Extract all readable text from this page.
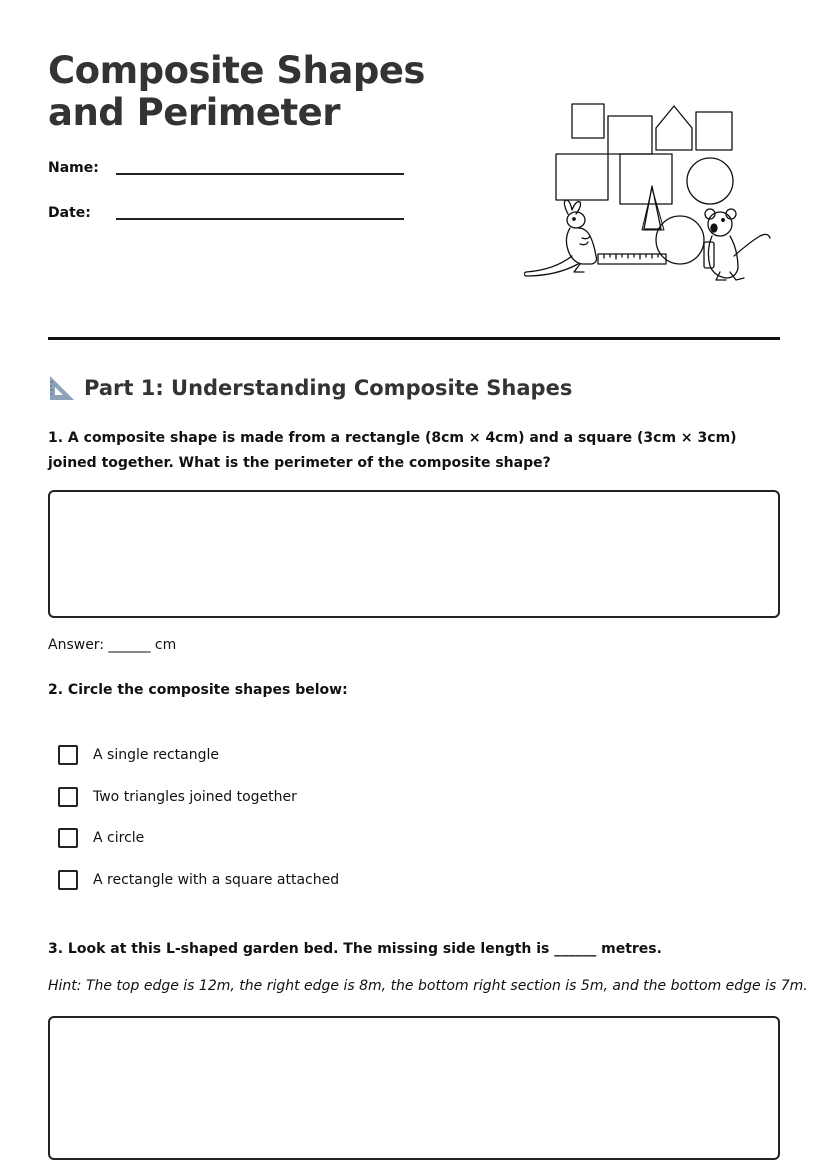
Composite Shapes and Perimeter
Name:
Date:
Part 1: Understanding Composite Shapes

1. A composite shape is made from a rectangle (8cm × 4cm) and a square (3cm × 3cm) joined together. What is the perimeter of the composite shape?

Answer: ______ cm

2. Circle the composite shapes below:

A single rectangle
Two triangles joined together
A circle
A rectangle with a square attached

3. Look at this L-shaped garden bed. The missing side length is ______ metres.

Hint: The top edge is 12m, the right edge is 8m, the bottom right section is 5m, and the bottom edge is 7m.
